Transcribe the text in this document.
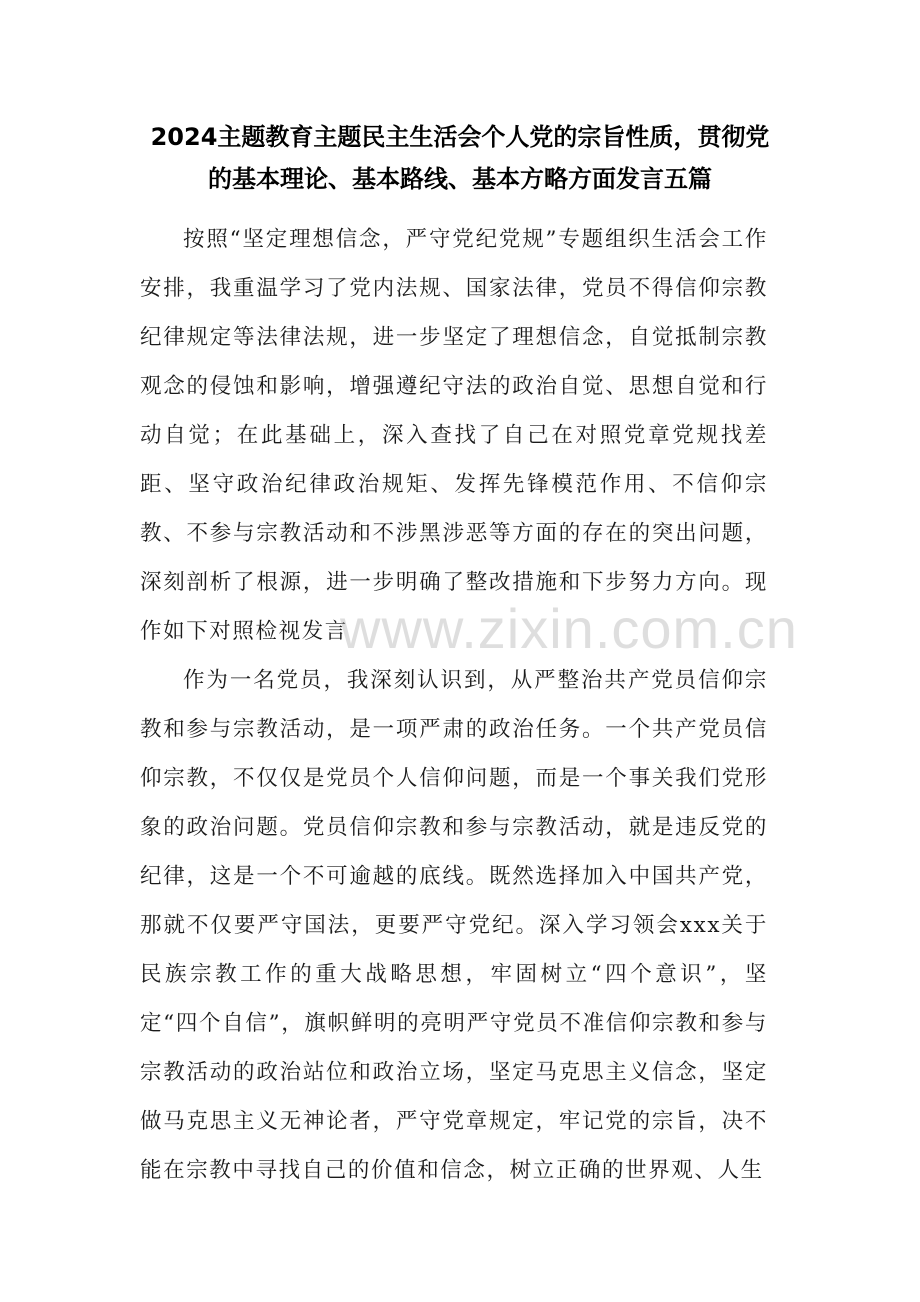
2024主题教育主题民主生活会个人党的宗旨性质，贯彻党的基本理论、基本路线、基本方略方面发言五篇

按照“坚定理想信念，严守党纪党规”专题组织生活会工作安排，我重温学习了党内法规、国家法律，党员不得信仰宗教纪律规定等法律法规，进一步坚定了理想信念，自觉抵制宗教观念的侵蚀和影响，增强遵纪守法的政治自觉、思想自觉和行动自觉；在此基础上，深入查找了自己在对照党章党规找差距、坚守政治纪律政治规矩、发挥先锋模范作用、不信仰宗教、不参与宗教活动和不涉黑涉恶等方面的存在的突出问题，深刻剖析了根源，进一步明确了整改措施和下步努力方向。现作如下对照检视发言

作为一名党员，我深刻认识到，从严整治共产党员信仰宗教和参与宗教活动，是一项严肃的政治任务。一个共产党员信仰宗教，不仅仅是党员个人信仰问题，而是一个事关我们党形象的政治问题。党员信仰宗教和参与宗教活动，就是违反党的纪律，这是一个不可逾越的底线。既然选择加入中国共产党，那就不仅要严守国法，更要严守党纪。深入学习领会xxx关于民族宗教工作的重大战略思想，牢固树立“四个意识”，坚定“四个自信”，旗帜鲜明的亮明严守党员不准信仰宗教和参与宗教活动的政治站位和政治立场，坚定马克思主义信念，坚定做马克思主义无神论者，严守党章规定，牢记党的宗旨，决不能在宗教中寻找自己的价值和信念，树立正确的世界观、人生

www.zixin.com.cn
